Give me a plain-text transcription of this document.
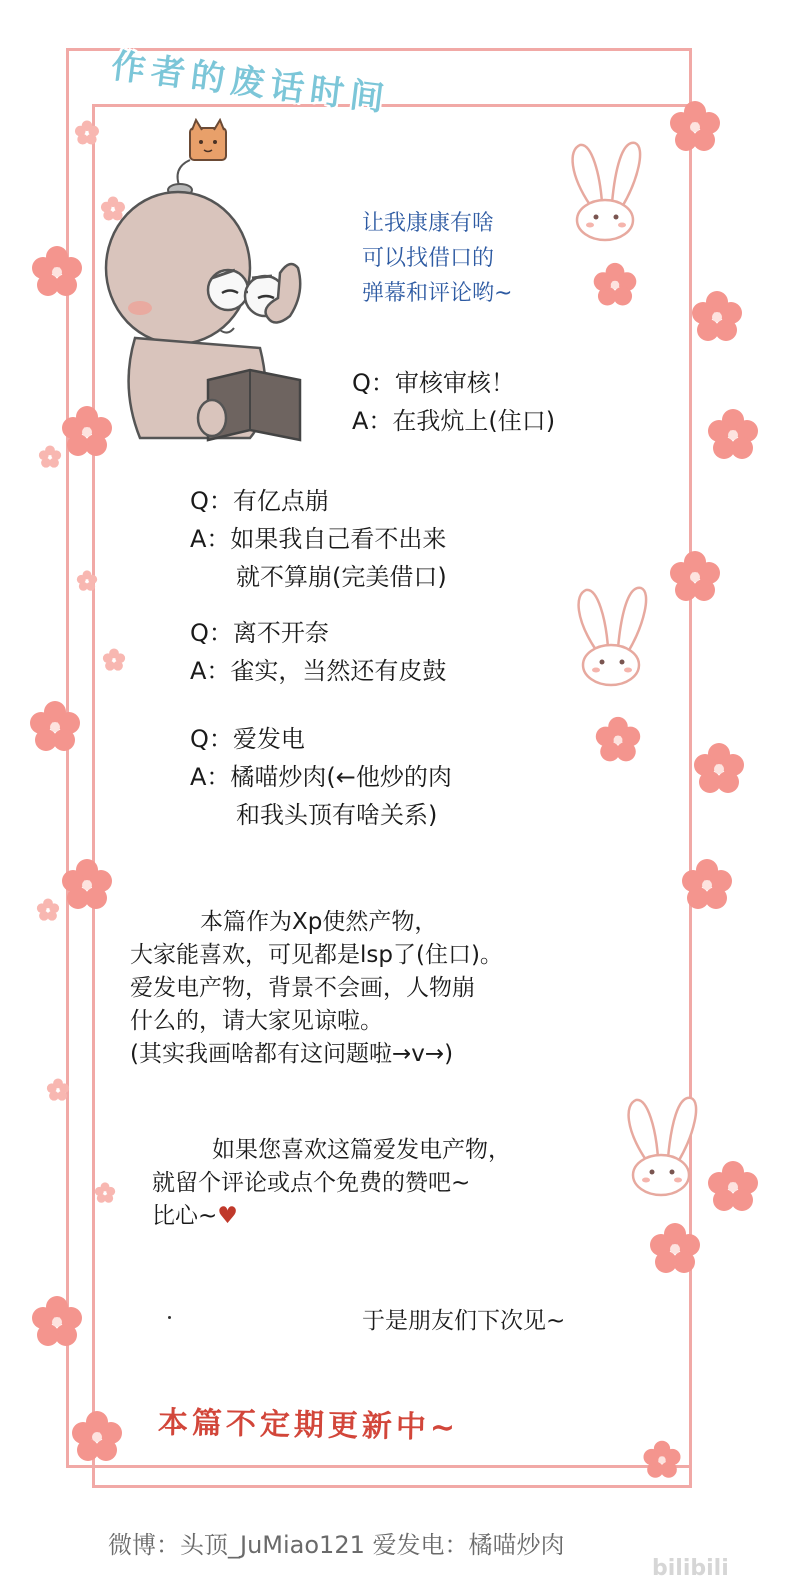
作者的废话时间
让我康康有啥
可以找借口的
弹幕和评论哟~
Q：审核审核！
A：在我炕上(住口)
Q：有亿点崩
A：如果我自己看不出来
就不算崩(完美借口)
Q：离不开奈
A：雀实，当然还有皮鼓
Q：爱发电
A：橘喵炒肉(←他炒的肉
和我头顶有啥关系)
本篇作为Xp使然产物，
大家能喜欢，可见都是lsp了(住口)。
爱发电产物，背景不会画，人物崩
什么的，请大家见谅啦。
(其实我画啥都有这问题啦→v→)
如果您喜欢这篇爱发电产物，
就留个评论或点个免费的赞吧~
比心~♥
于是朋友们下次见~
本篇不定期更新中~
微博：头顶_JuMiao121 爱发电：橘喵炒肉
bilibili
